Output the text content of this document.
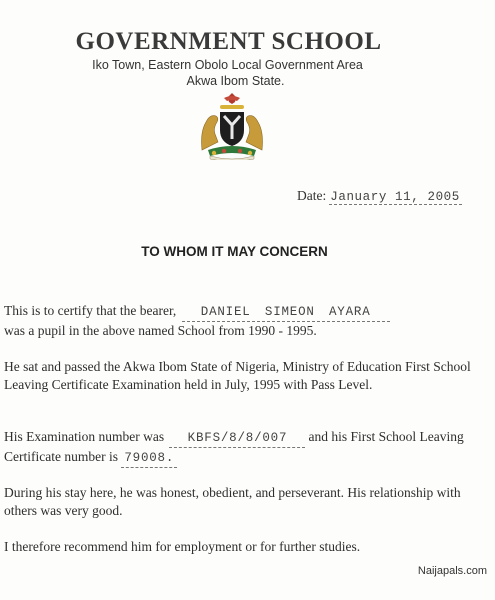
GOVERNMENT SCHOOL
Iko Town, Eastern Obolo Local Government Area
Akwa Ibom State.
Date: January 11, 2005
TO WHOM IT MAY CONCERN
This is to certify that the bearer, DANIEL SIMEON AYARA
was a pupil in the above named School from 1990 - 1995.
He sat and passed the Akwa Ibom State of Nigeria, Ministry of Education First School Leaving Certificate Examination held in July, 1995 with Pass Level.
His Examination number was KBFS/8/8/007 and his First School Leaving Certificate number is 79008.
During his stay here, he was honest, obedient, and perseverant. His relationship with others was very good.
I therefore recommend him for employment or for further studies.
Naijapals.com
